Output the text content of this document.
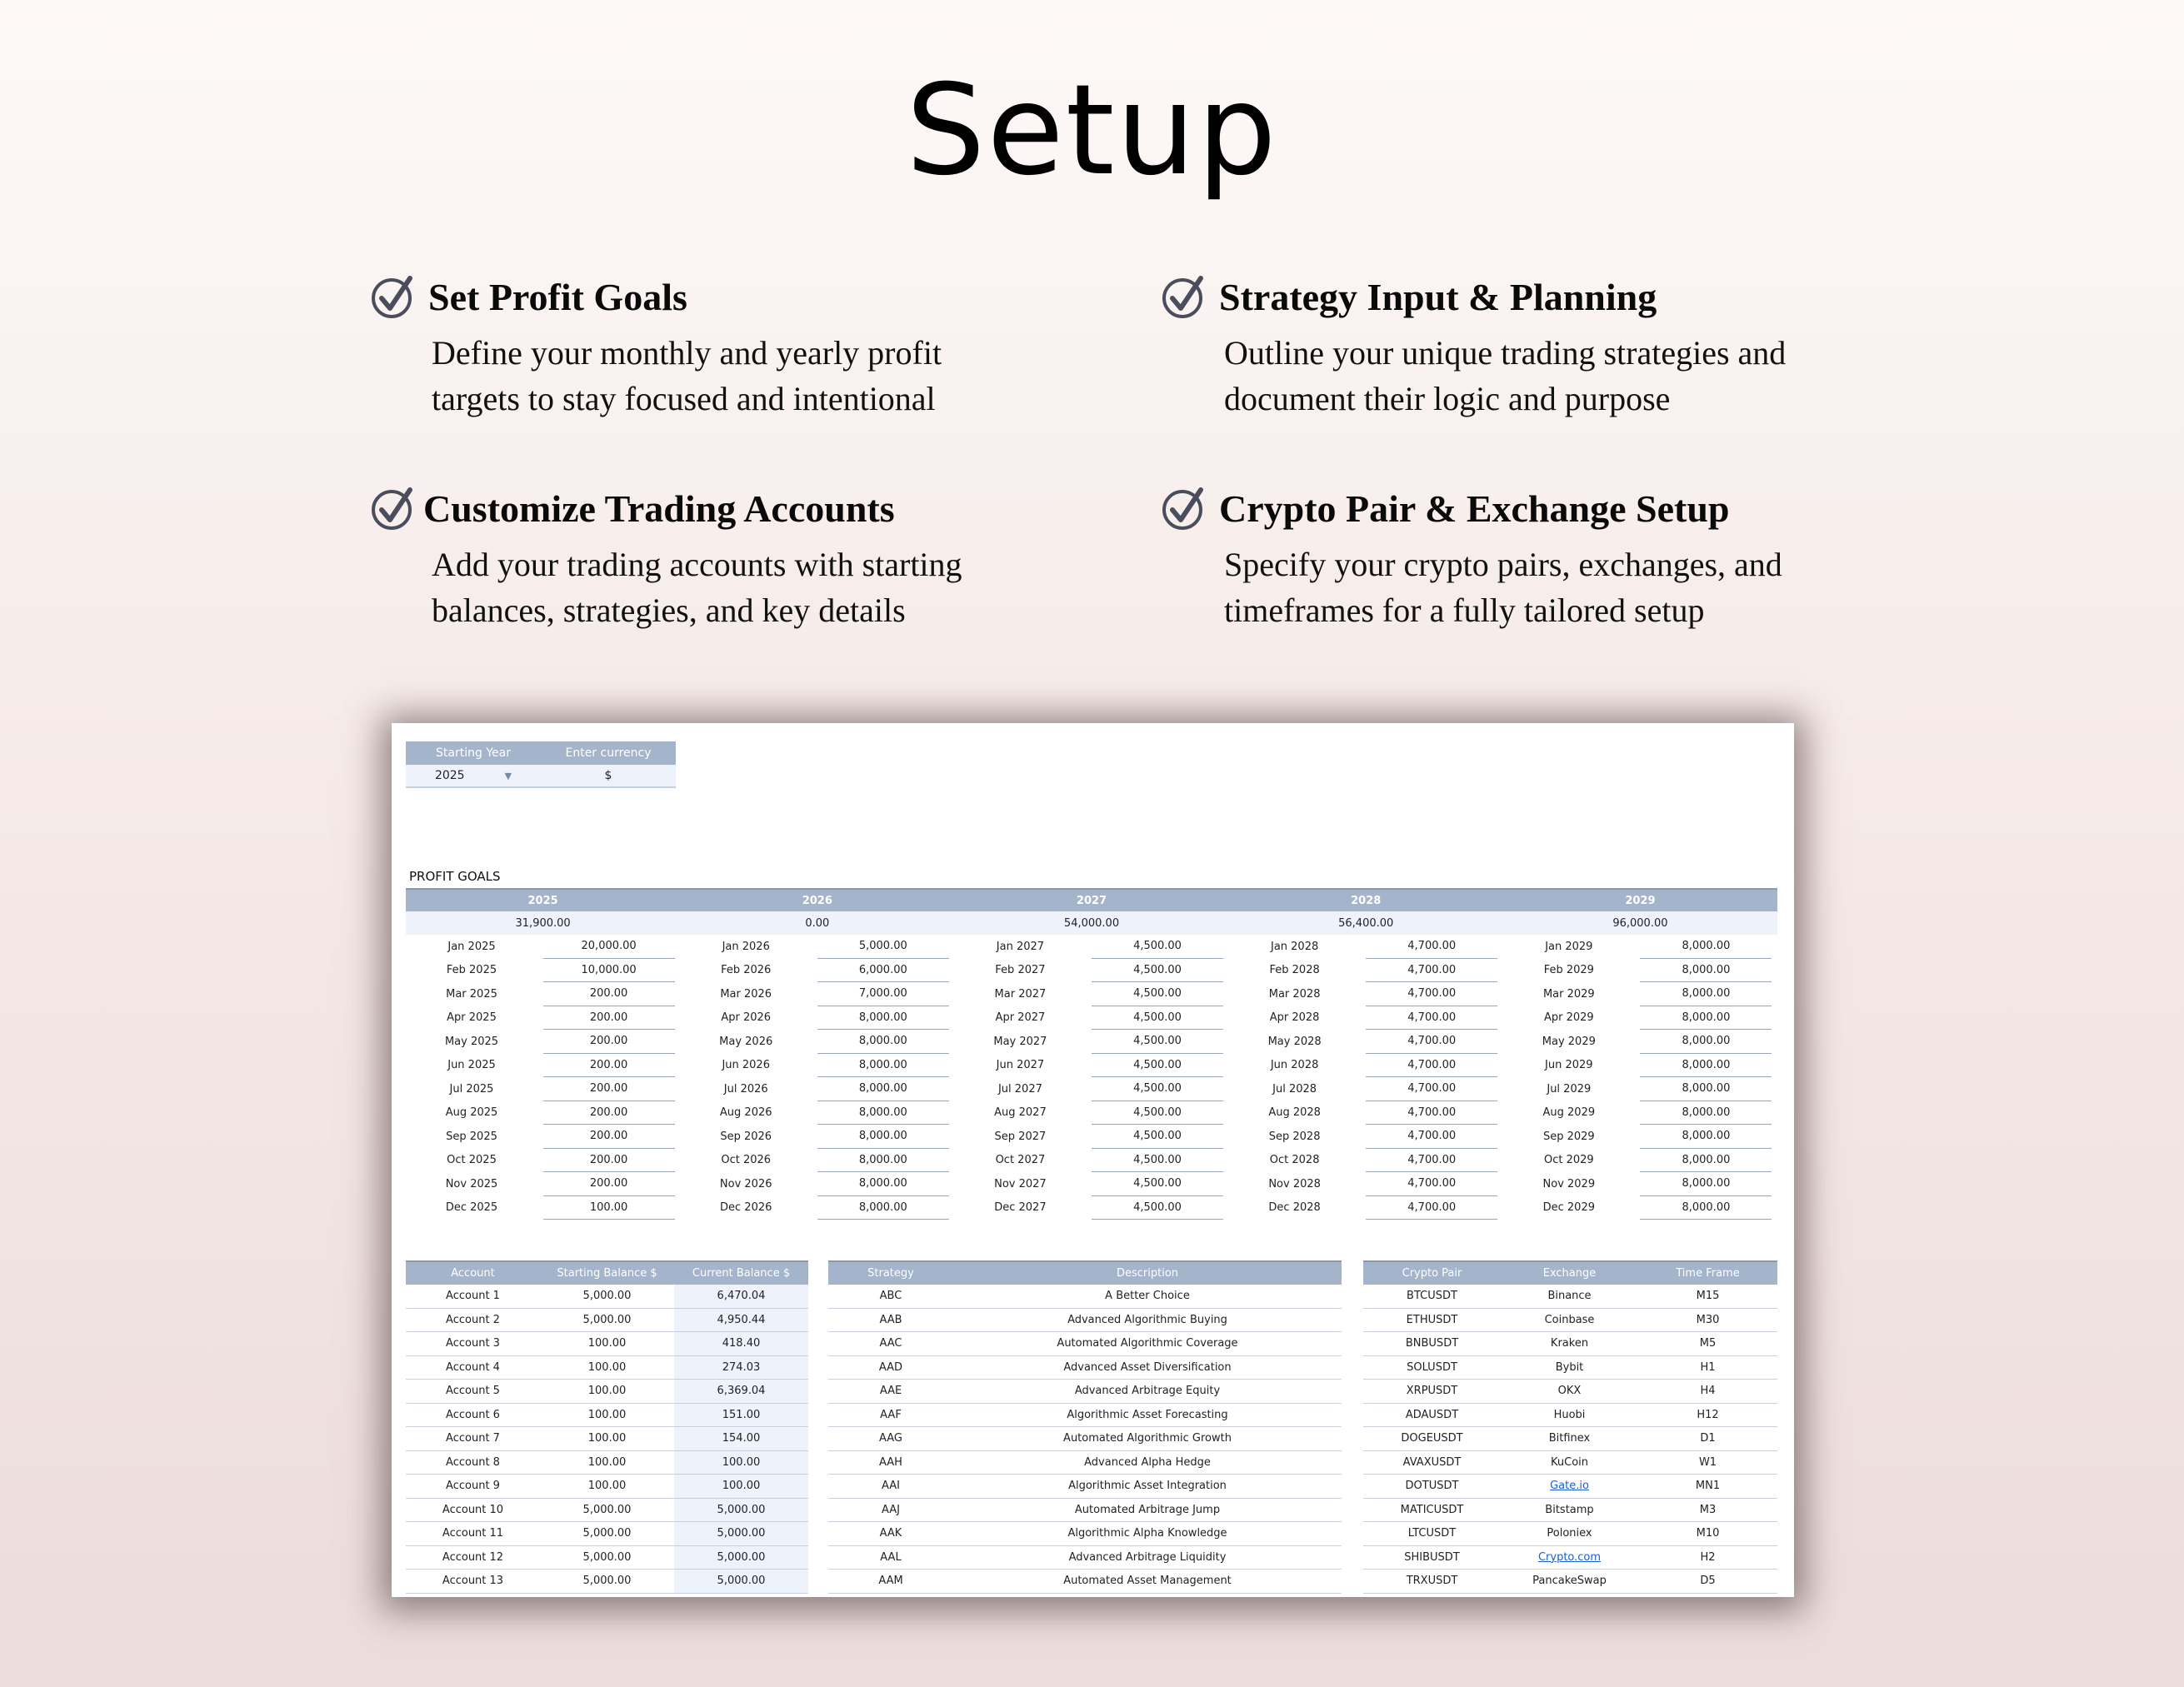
Setup
Set Profit Goals

Define your monthly and yearly profit
targets to stay focused and intentional

Strategy Input & Planning

Outline your unique trading strategies and
document their logic and purpose

Customize Trading Accounts

Add your trading accounts with starting
balances, strategies, and key details

Crypto Pair & Exchange Setup

Specify your crypto pairs, exchanges, and
timeframes for a fully tailored setup

Starting Year	Enter currency
2025	▼	$
PROFIT GOALS
2025	2026	2027	2028	2029
31,900.00	0.00	54,000.00	56,400.00	96,000.00
Jan 2025	20,000.00
Feb 2025	10,000.00
Mar 2025	200.00
Apr 2025	200.00
May 2025	200.00
Jun 2025	200.00
Jul 2025	200.00
Aug 2025	200.00
Sep 2025	200.00
Oct 2025	200.00
Nov 2025	200.00
Dec 2025	100.00
Jan 2026	5,000.00
Feb 2026	6,000.00
Mar 2026	7,000.00
Apr 2026	8,000.00
May 2026	8,000.00
Jun 2026	8,000.00
Jul 2026	8,000.00
Aug 2026	8,000.00
Sep 2026	8,000.00
Oct 2026	8,000.00
Nov 2026	8,000.00
Dec 2026	8,000.00
Jan 2027	4,500.00
Feb 2027	4,500.00
Mar 2027	4,500.00
Apr 2027	4,500.00
May 2027	4,500.00
Jun 2027	4,500.00
Jul 2027	4,500.00
Aug 2027	4,500.00
Sep 2027	4,500.00
Oct 2027	4,500.00
Nov 2027	4,500.00
Dec 2027	4,500.00
Jan 2028	4,700.00
Feb 2028	4,700.00
Mar 2028	4,700.00
Apr 2028	4,700.00
May 2028	4,700.00
Jun 2028	4,700.00
Jul 2028	4,700.00
Aug 2028	4,700.00
Sep 2028	4,700.00
Oct 2028	4,700.00
Nov 2028	4,700.00
Dec 2028	4,700.00
Jan 2029	8,000.00
Feb 2029	8,000.00
Mar 2029	8,000.00
Apr 2029	8,000.00
May 2029	8,000.00
Jun 2029	8,000.00
Jul 2029	8,000.00
Aug 2029	8,000.00
Sep 2029	8,000.00
Oct 2029	8,000.00
Nov 2029	8,000.00
Dec 2029	8,000.00
Account	Starting Balance $	Current Balance $
Account 1	5,000.00	6,470.04
Account 2	5,000.00	4,950.44
Account 3	100.00	418.40
Account 4	100.00	274.03
Account 5	100.00	6,369.04
Account 6	100.00	151.00
Account 7	100.00	154.00
Account 8	100.00	100.00
Account 9	100.00	100.00
Account 10	5,000.00	5,000.00
Account 11	5,000.00	5,000.00
Account 12	5,000.00	5,000.00
Account 13	5,000.00	5,000.00
Strategy	Description
ABC	A Better Choice
AAB	Advanced Algorithmic Buying
AAC	Automated Algorithmic Coverage
AAD	Advanced Asset Diversification
AAE	Advanced Arbitrage Equity
AAF	Algorithmic Asset Forecasting
AAG	Automated Algorithmic Growth
AAH	Advanced Alpha Hedge
AAI	Algorithmic Asset Integration
AAJ	Automated Arbitrage Jump
AAK	Algorithmic Alpha Knowledge
AAL	Advanced Arbitrage Liquidity
AAM	Automated Asset Management
Crypto Pair	Exchange	Time Frame
BTCUSDT	Binance	M15
ETHUSDT	Coinbase	M30
BNBUSDT	Kraken	M5
SOLUSDT	Bybit	H1
XRPUSDT	OKX	H4
ADAUSDT	Huobi	H12
DOGEUSDT	Bitfinex	D1
AVAXUSDT	KuCoin	W1
DOTUSDT	Gate.io	MN1
MATICUSDT	Bitstamp	M3
LTCUSDT	Poloniex	M10
SHIBUSDT	Crypto.com	H2
TRXUSDT	PancakeSwap	D5
